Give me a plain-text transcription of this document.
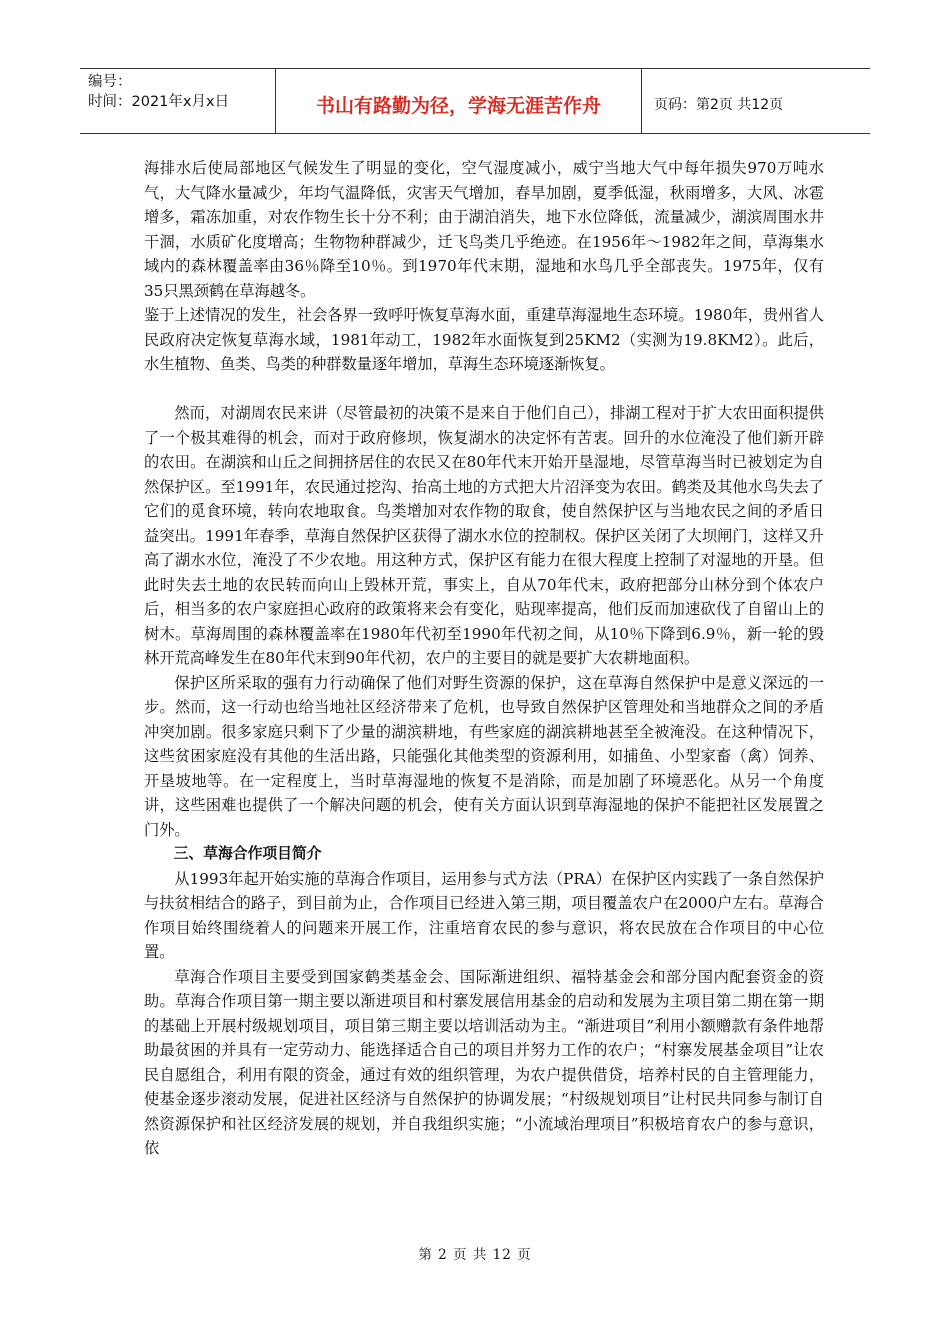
编号：
时间：2021年x月x日	书山有路勤为径，学海无涯苦作舟	页码：第2页 共12页

海排水后使局部地区气候发生了明显的变化，空气湿度减小，威宁当地大气中每年损失970万吨水气，大气降水量减少，年均气温降低，灾害天气增加，春旱加剧，夏季低湿，秋雨增多，大风、冰雹增多，霜冻加重，对农作物生长十分不利；由于湖泊消失，地下水位降低，流量减少，湖滨周围水井干涸，水质矿化度增高；生物物种群减少，迁飞鸟类几乎绝迹。在1956年～1982年之间，草海集水域内的森林覆盖率由36％降至10％。到1970年代末期，湿地和水鸟几乎全部丧失。1975年，仅有35只黑颈鹤在草海越冬。

鉴于上述情况的发生，社会各界一致呼吁恢复草海水面，重建草海湿地生态环境。1980年，贵州省人民政府决定恢复草海水域，1981年动工，1982年水面恢复到25KM2（实测为19.8KM2）。此后，水生植物、鱼类、鸟类的种群数量逐年增加，草海生态环境逐渐恢复。

然而，对湖周农民来讲（尽管最初的决策不是来自于他们自己），排湖工程对于扩大农田面积提供了一个极其难得的机会，而对于政府修坝，恢复湖水的决定怀有苦衷。回升的水位淹没了他们新开辟的农田。在湖滨和山丘之间拥挤居住的农民又在80年代末开始开垦湿地，尽管草海当时已被划定为自然保护区。至1991年，农民通过挖沟、抬高土地的方式把大片沼泽变为农田。鹤类及其他水鸟失去了它们的觅食环境，转向农地取食。鸟类增加对农作物的取食，使自然保护区与当地农民之间的矛盾日益突出。1991年春季，草海自然保护区获得了湖水水位的控制权。保护区关闭了大坝闸门，这样又升高了湖水水位，淹没了不少农地。用这种方式，保护区有能力在很大程度上控制了对湿地的开垦。但此时失去土地的农民转而向山上毁林开荒，事实上，自从70年代末，政府把部分山林分到个体农户后，相当多的农户家庭担心政府的政策将来会有变化，贴现率提高，他们反而加速砍伐了自留山上的树木。草海周围的森林覆盖率在1980年代初至1990年代初之间，从10％下降到6.9％，新一轮的毁林开荒高峰发生在80年代末到90年代初，农户的主要目的就是要扩大农耕地面积。

保护区所采取的强有力行动确保了他们对野生资源的保护，这在草海自然保护中是意义深远的一步。然而，这一行动也给当地社区经济带来了危机，也导致自然保护区管理处和当地群众之间的矛盾冲突加剧。很多家庭只剩下了少量的湖滨耕地，有些家庭的湖滨耕地甚至全被淹没。在这种情况下，这些贫困家庭没有其他的生活出路，只能强化其他类型的资源利用，如捕鱼、小型家畜（禽）饲养、开垦坡地等。在一定程度上，当时草海湿地的恢复不是消除，而是加剧了环境恶化。从另一个角度讲，这些困难也提供了一个解决问题的机会，使有关方面认识到草海湿地的保护不能把社区发展置之门外。

三、草海合作项目简介

从1993年起开始实施的草海合作项目，运用参与式方法（PRA）在保护区内实践了一条自然保护与扶贫相结合的路子，到目前为止，合作项目已经进入第三期，项目覆盖农户在2000户左右。草海合作项目始终围绕着人的问题来开展工作，注重培育农民的参与意识，将农民放在合作项目的中心位置。

草海合作项目主要受到国家鹤类基金会、国际渐进组织、福特基金会和部分国内配套资金的资助。草海合作项目第一期主要以渐进项目和村寨发展信用基金的启动和发展为主项目第二期在第一期的基础上开展村级规划项目，项目第三期主要以培训活动为主。“渐进项目”利用小额赠款有条件地帮助最贫困的并具有一定劳动力、能选择适合自己的项目并努力工作的农户；“村寨发展基金项目”让农民自愿组合，利用有限的资金，通过有效的组织管理，为农户提供借贷，培养村民的自主管理能力，使基金逐步滚动发展，促进社区经济与自然保护的协调发展；“村级规划项目”让村民共同参与制订自然资源保护和社区经济发展的规划，并自我组织实施；“小流域治理项目”积极培育农户的参与意识，依

第 2 页 共 12 页
